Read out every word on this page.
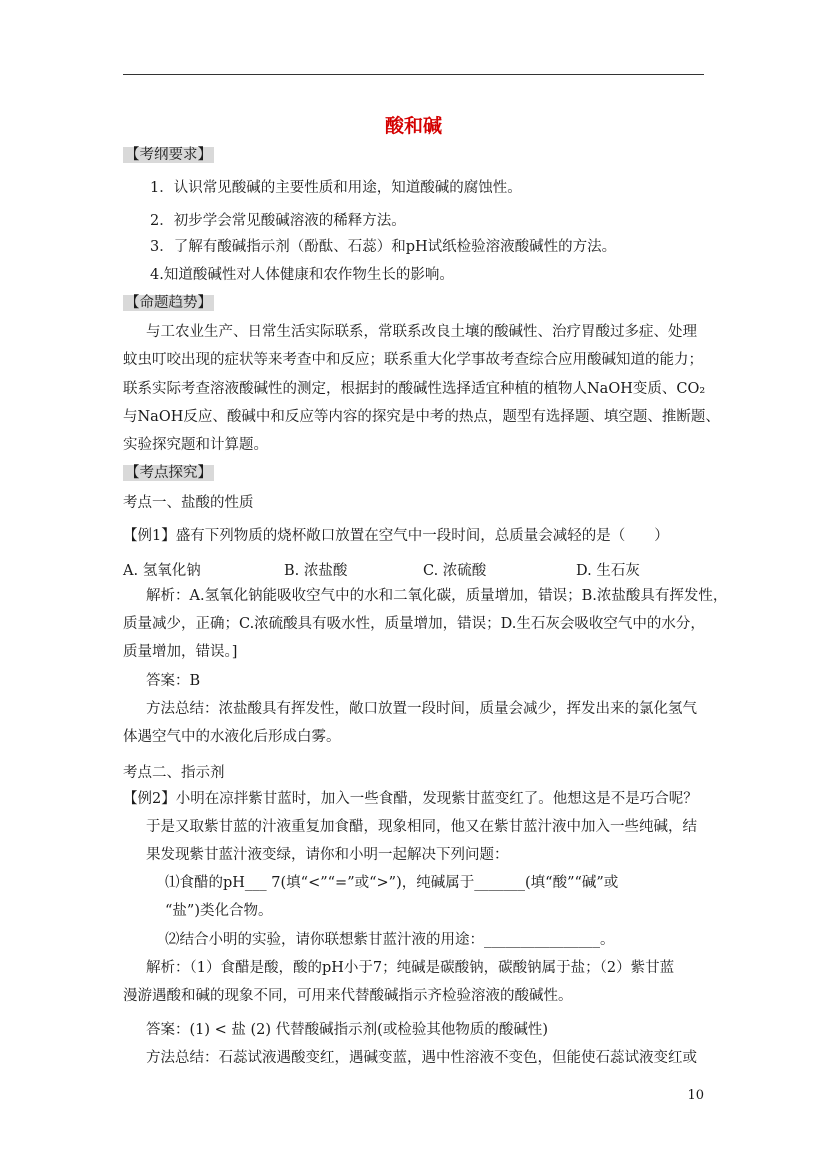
酸和碱
【考纲要求】
1．认识常见酸碱的主要性质和用途，知道酸碱的腐蚀性。
2．初步学会常见酸碱溶液的稀释方法。
3．了解有酸碱指示剂（酚酞、石蕊）和pH试纸检验溶液酸碱性的方法。
4.知道酸碱性对人体健康和农作物生长的影响。
【命题趋势】
与工农业生产、日常生活实际联系，常联系改良土壤的酸碱性、治疗胃酸过多症、处理
蚊虫叮咬出现的症状等来考查中和反应；联系重大化学事故考查综合应用酸碱知道的能力；
联系实际考查溶液酸碱性的测定，根据封的酸碱性选择适宜种植的植物人NaOH变质、CO₂
与NaOH反应、酸碱中和反应等内容的探究是中考的热点，题型有选择题、填空题、推断题、
实验探究题和计算题。
【考点探究】
考点一、盐酸的性质
【例1】盛有下列物质的烧杯敞口放置在空气中一段时间，总质量会减轻的是（　　）
A. 氢氧化钠	B. 浓盐酸	C. 浓硫酸	D. 生石灰
解析：A.氢氧化钠能吸收空气中的水和二氧化碳，质量增加，错误；B.浓盐酸具有挥发性，
质量减少，正确；C.浓硫酸具有吸水性，质量增加，错误；D.生石灰会吸收空气中的水分，
质量增加，错误。]
答案：B
方法总结：浓盐酸具有挥发性，敞口放置一段时间，质量会减少，挥发出来的氯化氢气
体遇空气中的水液化后形成白雾。
考点二、指示剂
【例2】小明在凉拌紫甘蓝时，加入一些食醋，发现紫甘蓝变红了。他想这是不是巧合呢？
于是又取紫甘蓝的汁液重复加食醋，现象相同，他又在紫甘蓝汁液中加入一些纯碱，结
果发现紫甘蓝汁液变绿，请你和小明一起解决下列问题：
⑴食醋的pH___ 7(填“<”“=”或“>”)，纯碱属于_______(填“酸”“碱”或
“盐”)类化合物。
⑵结合小明的实验，请你联想紫甘蓝汁液的用途：________________。
解析：（1）食醋是酸，酸的pH小于7；纯碱是碳酸钠，碳酸钠属于盐；（2）紫甘蓝
漫游遇酸和碱的现象不同，可用来代替酸碱指示齐检验溶液的酸碱性。
答案：(1) < 盐 (2) 代替酸碱指示剂(或检验其他物质的酸碱性)
方法总结：石蕊试液遇酸变红，遇碱变蓝，遇中性溶液不变色，但能使石蕊试液变红或
10
